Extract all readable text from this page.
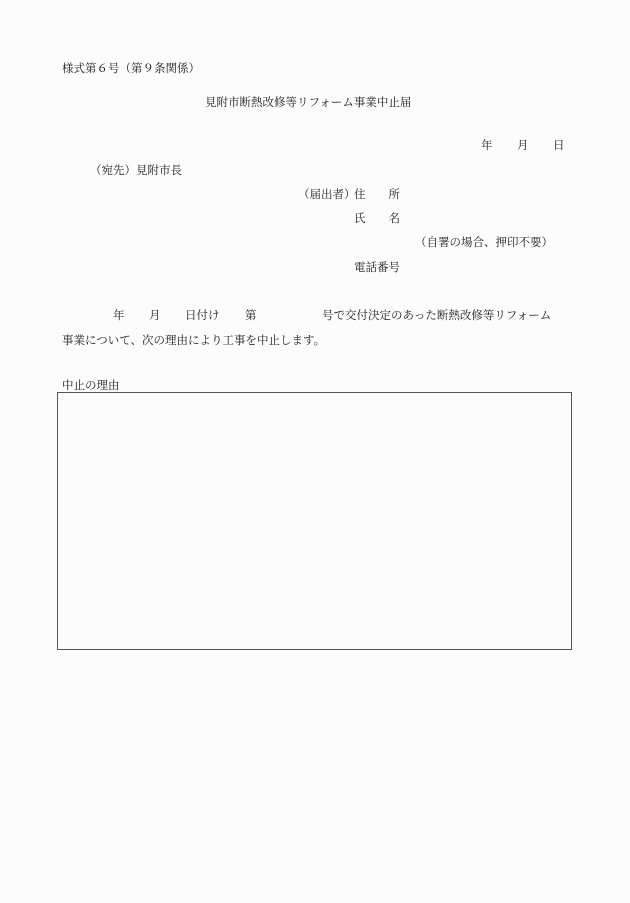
様式第６号（第９条関係）

見附市断熱改修等リフォーム事業中止届

年 月 日

（宛先）見附市長

（届出者）

住　　所

氏　　名

（自署の場合、押印不要）

電話番号

年 月 日付け 第	号で交付決定のあった断熱改修等リフォーム

事業について、次の理由により工事を中止します。

中止の理由
